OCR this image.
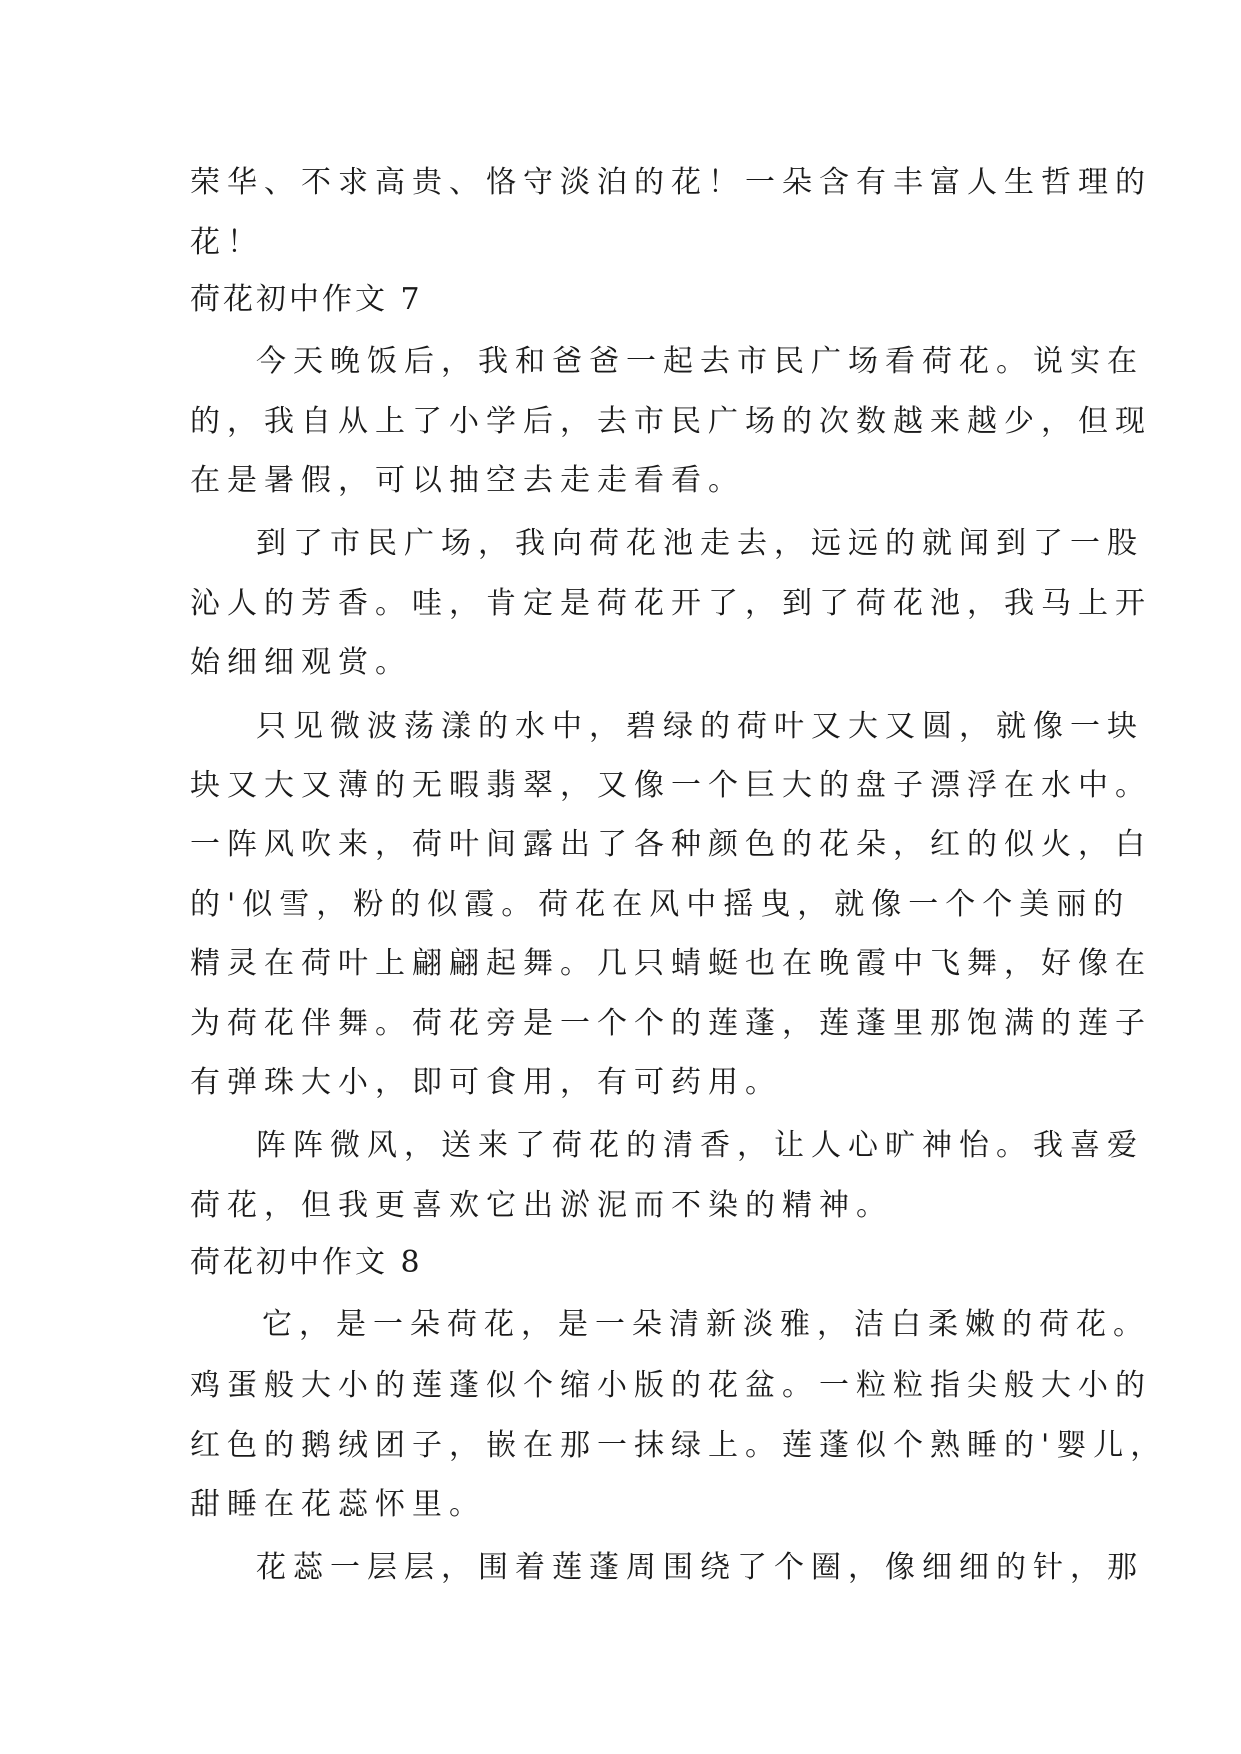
荣华、不求高贵、恪守淡泊的花！一朵含有丰富人生哲理的
花！
荷花初中作文 7
今天晚饭后，我和爸爸一起去市民广场看荷花。说实在
的，我自从上了小学后，去市民广场的次数越来越少，但现
在是暑假，可以抽空去走走看看。
到了市民广场，我向荷花池走去，远远的就闻到了一股
沁人的芳香。哇，肯定是荷花开了，到了荷花池，我马上开
始细细观赏。
只见微波荡漾的水中，碧绿的荷叶又大又圆，就像一块
块又大又薄的无暇翡翠，又像一个巨大的盘子漂浮在水中。
一阵风吹来，荷叶间露出了各种颜色的花朵，红的似火，白
的'似雪，粉的似霞。荷花在风中摇曳，就像一个个美丽的
精灵在荷叶上翩翩起舞。几只蜻蜓也在晚霞中飞舞，好像在
为荷花伴舞。荷花旁是一个个的莲蓬，莲蓬里那饱满的莲子
有弹珠大小，即可食用，有可药用。
阵阵微风，送来了荷花的清香，让人心旷神怡。我喜爱
荷花，但我更喜欢它出淤泥而不染的精神。
荷花初中作文 8
它，是一朵荷花，是一朵清新淡雅，洁白柔嫩的荷花。
鸡蛋般大小的莲蓬似个缩小版的花盆。一粒粒指尖般大小的
红色的鹅绒团子，嵌在那一抹绿上。莲蓬似个熟睡的'婴儿，
甜睡在花蕊怀里。
花蕊一层层，围着莲蓬周围绕了个圈，像细细的针，那
